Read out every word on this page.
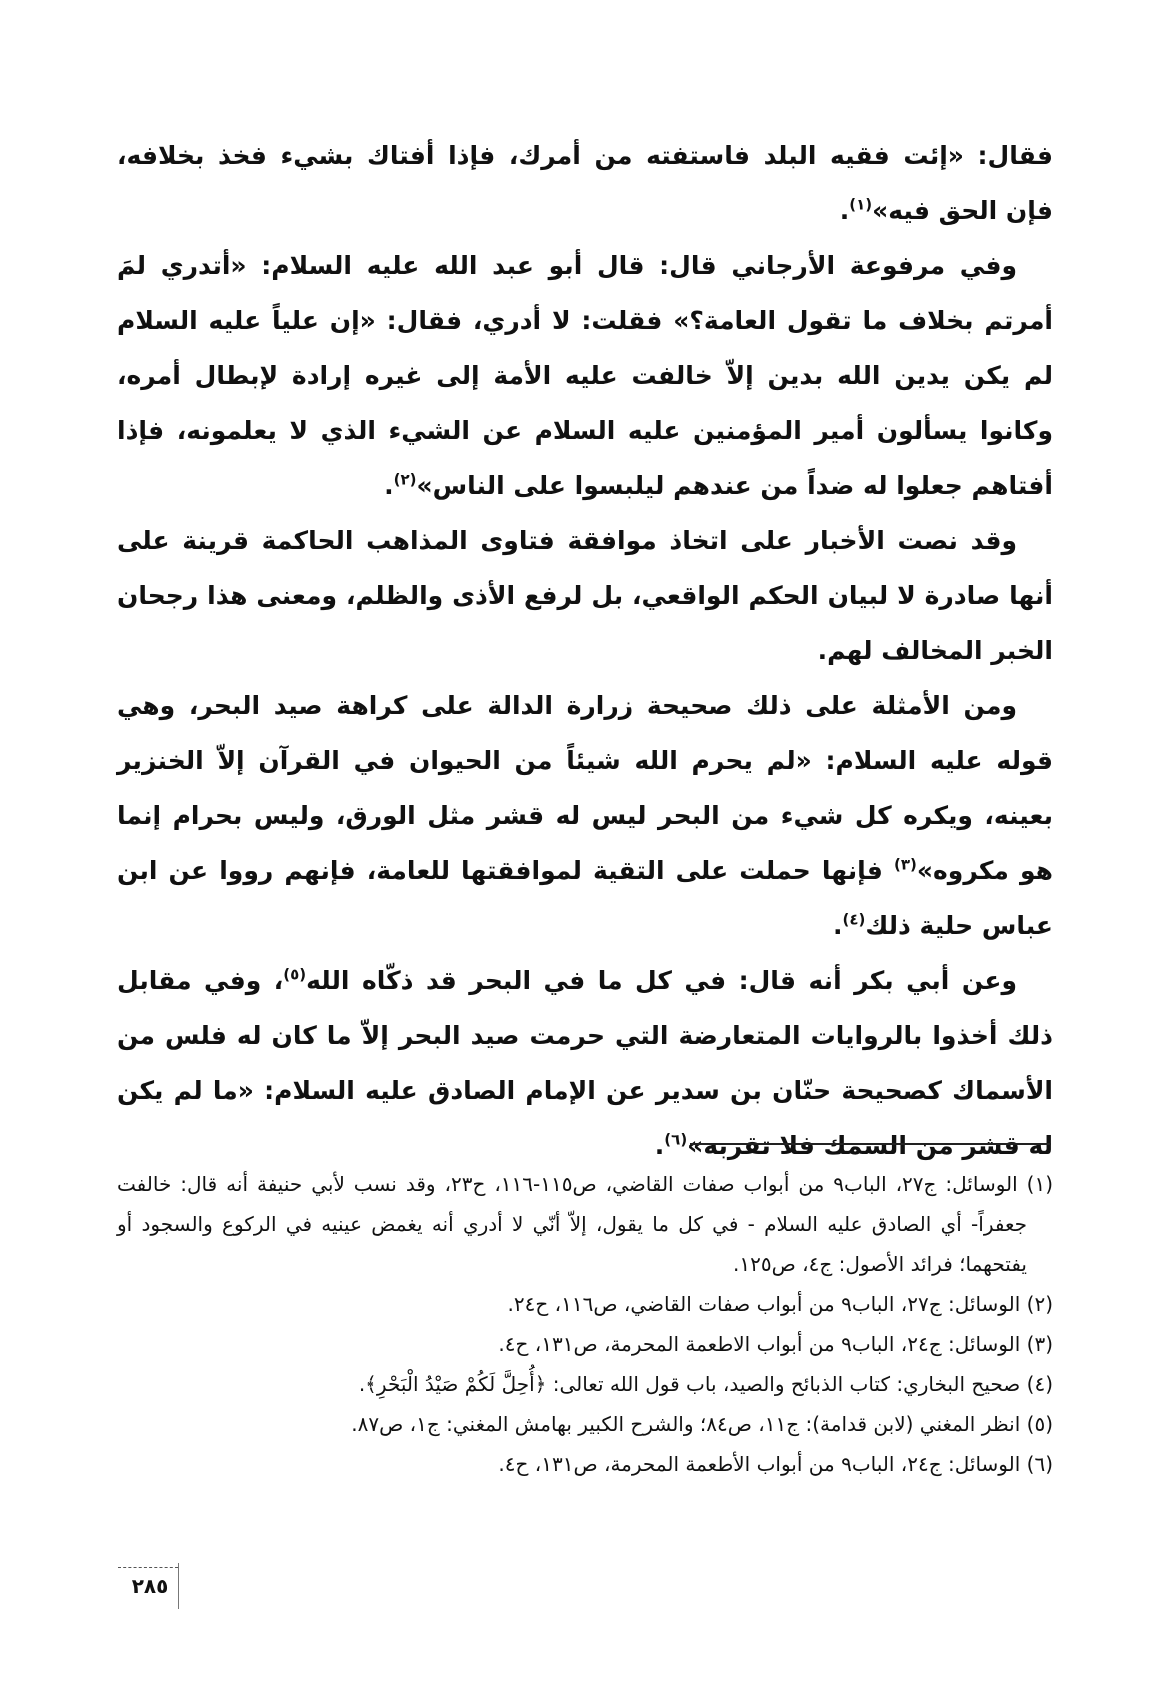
فقال: «إئت فقيه البلد فاستفته من أمرك، فإذا أفتاك بشيء فخذ بخلافه، فإن الحق فيه»$^{(١)}$.

وفي مرفوعة الأرجاني قال: قال أبو عبد الله عليه السلام: «أتدري لمَ أمرتم بخلاف ما تقول العامة؟» فقلت: لا أدري، فقال: «إن علياً عليه السلام لم يكن يدين الله بدين إلاّ خالفت عليه الأمة إلى غيره إرادة لإبطال أمره، وكانوا يسألون أمير المؤمنين عليه السلام عن الشيء الذي لا يعلمونه، فإذا أفتاهم جعلوا له ضداً من عندهم ليلبسوا على الناس»$^{(٢)}$.

وقد نصت الأخبار على اتخاذ موافقة فتاوى المذاهب الحاكمة قرينة على أنها صادرة لا لبيان الحكم الواقعي، بل لرفع الأذى والظلم، ومعنى هذا رجحان الخبر المخالف لهم.

ومن الأمثلة على ذلك صحيحة زرارة الدالة على كراهة صيد البحر، وهي قوله عليه السلام: «لم يحرم الله شيئاً من الحيوان في القرآن إلاّ الخنزير بعينه، ويكره كل شيء من البحر ليس له قشر مثل الورق، وليس بحرام إنما هو مكروه»$^{(٣)}$ فإنها حملت على التقية لموافقتها للعامة، فإنهم رووا عن ابن عباس حلية ذلك$^{(٤)}$.

وعن أبي بكر أنه قال: في كل ما في البحر قد ذكّاه الله$^{(٥)}$، وفي مقابل ذلك أخذوا بالروايات المتعارضة التي حرمت صيد البحر إلاّ ما كان له فلس من الأسماك كصحيحة حنّان بن سدير عن الإمام الصادق عليه السلام: «ما لم يكن له قشر من السمك فلا تقربه»$^{(٦)}$.

(١) الوسائل: ج٢٧، الباب٩ من أبواب صفات القاضي، ص١١٥-١١٦، ح٢٣، وقد نسب لأبي حنيفة أنه قال: خالفت جعفراً- أي الصادق عليه السلام - في كل ما يقول، إلاّ أنّي لا أدري أنه يغمض عينيه في الركوع والسجود أو يفتحهما؛ فرائد الأصول: ج٤، ص١٢٥.

(٢) الوسائل: ج٢٧، الباب٩ من أبواب صفات القاضي، ص١١٦، ح٢٤.

(٣) الوسائل: ج٢٤، الباب٩ من أبواب الاطعمة المحرمة، ص١٣١، ح٤.

(٤) صحيح البخاري: كتاب الذبائح والصيد، باب قول الله تعالى: ﴿أُحِلَّ لَكُمْ صَيْدُ الْبَحْرِ﴾.

(٥) انظر المغني (لابن قدامة): ج١١، ص٨٤؛ والشرح الكبير بهامش المغني: ج١، ص٨٧.

(٦) الوسائل: ج٢٤، الباب٩ من أبواب الأطعمة المحرمة، ص١٣١، ح٤.

٢٨٥
